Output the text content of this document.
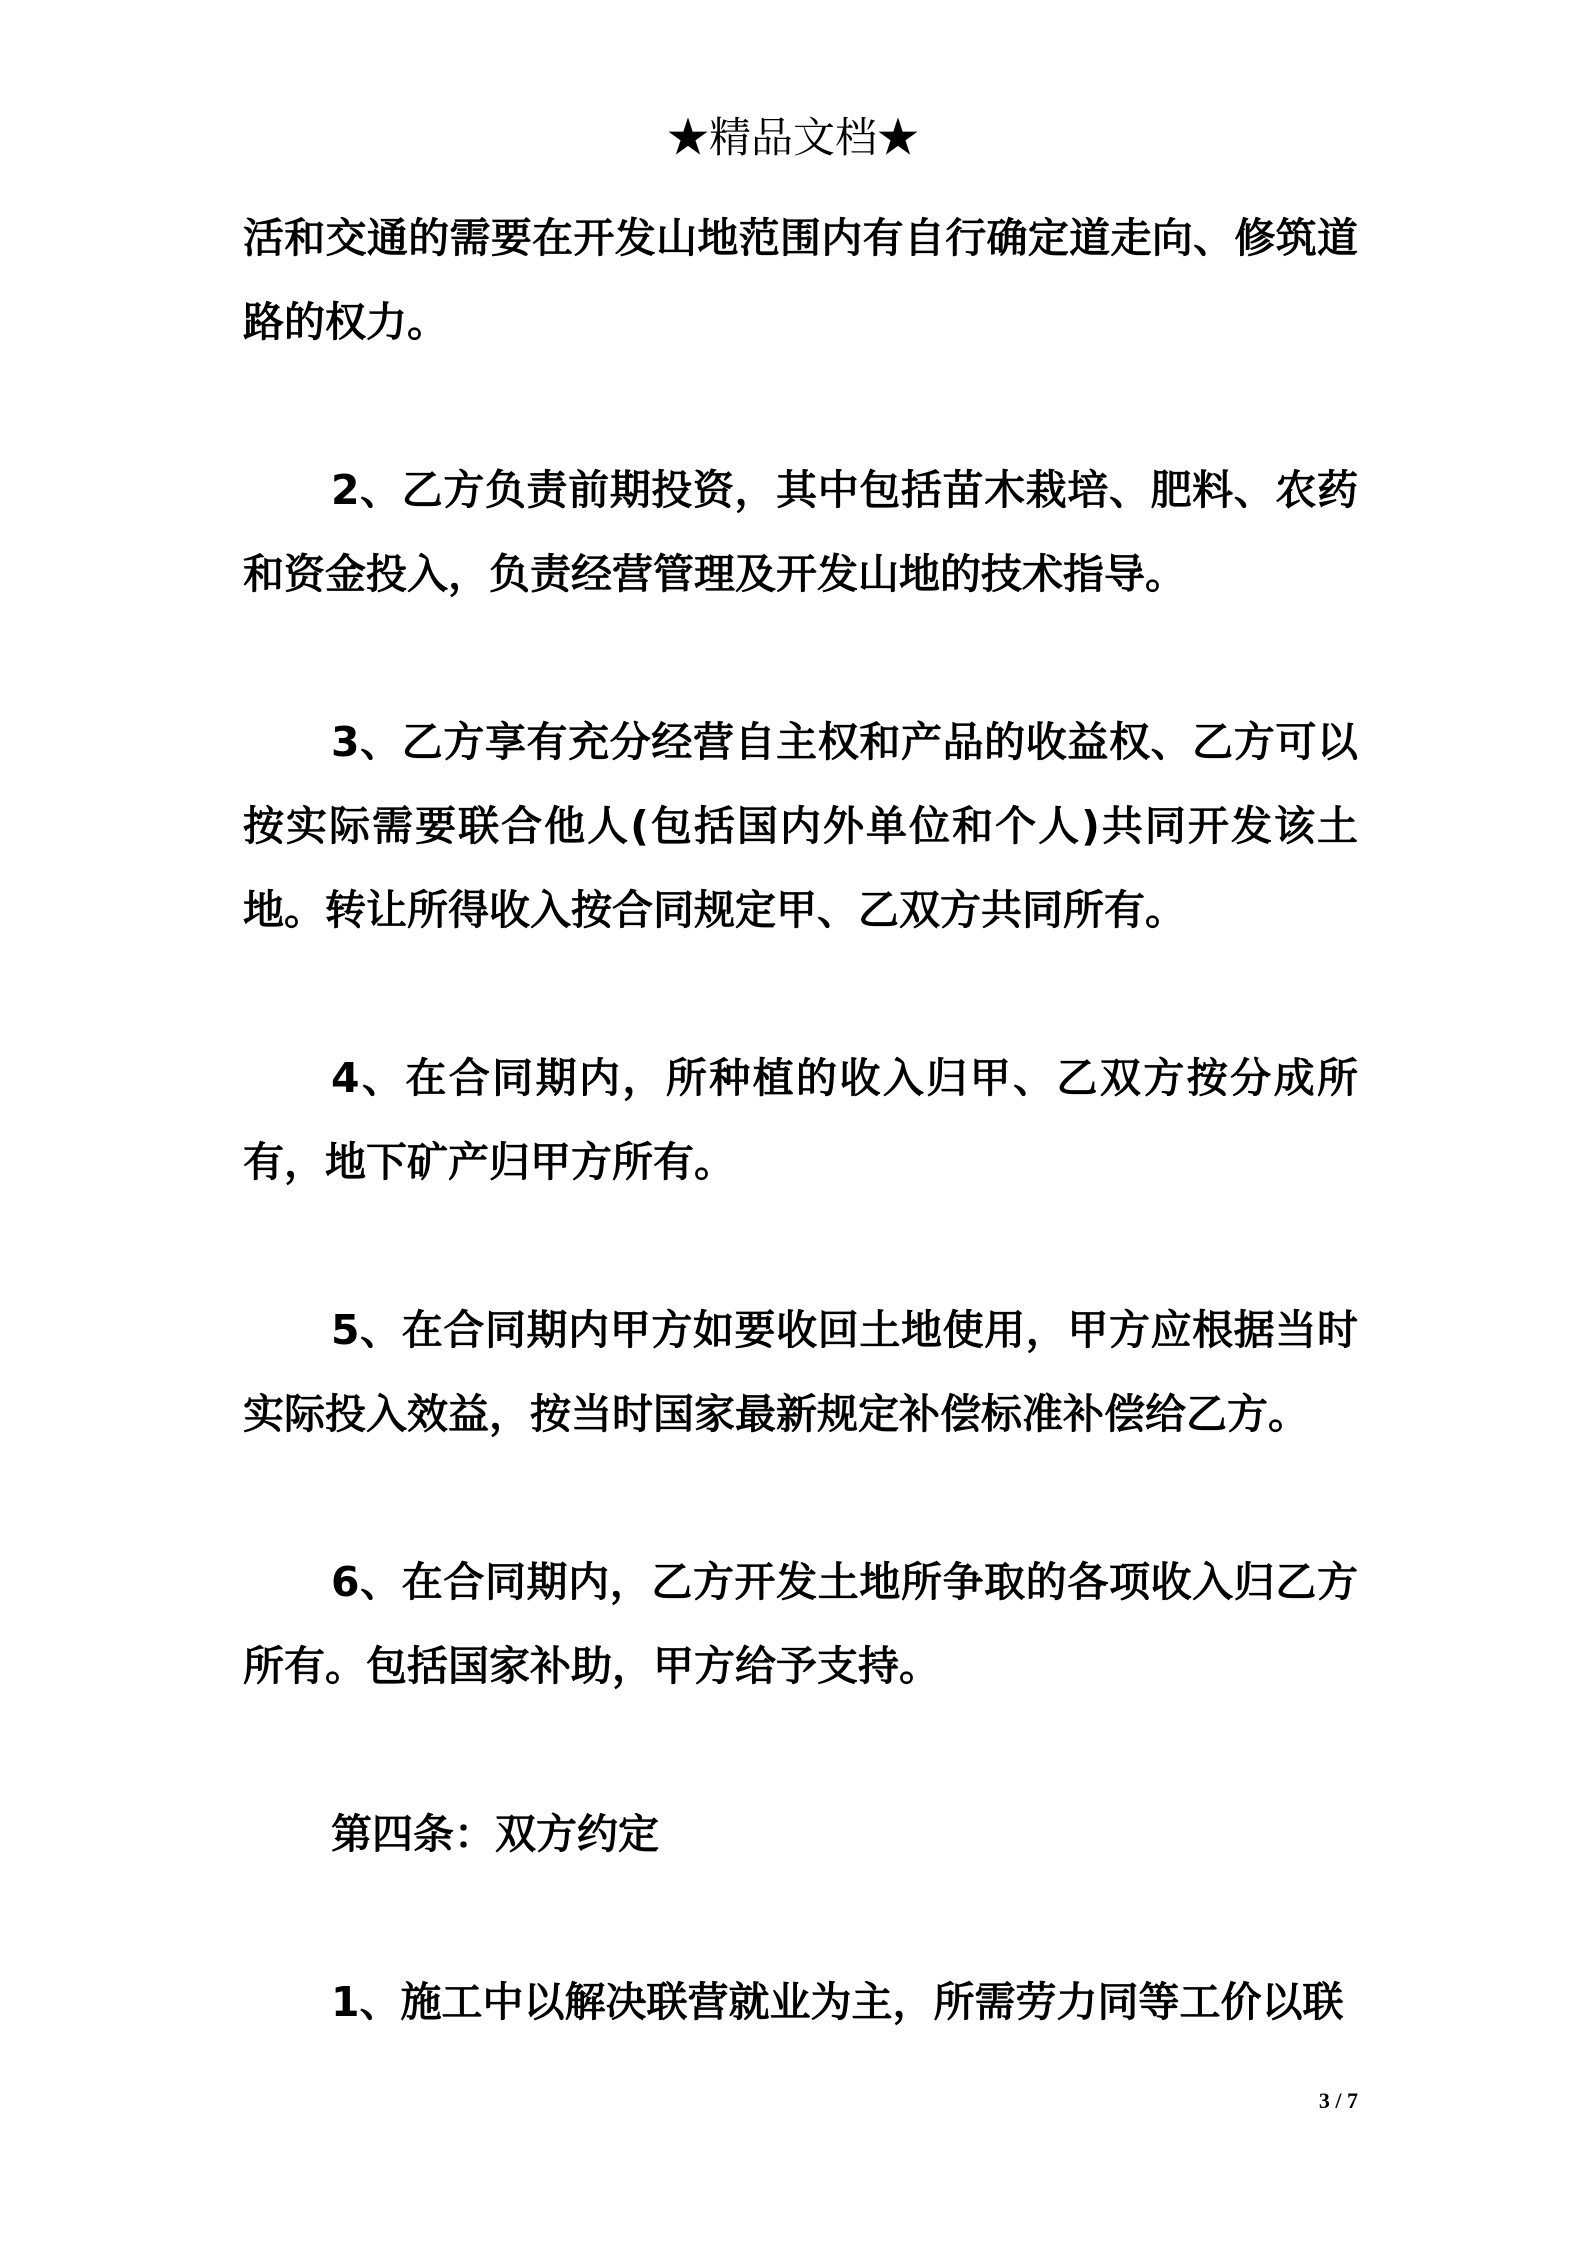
★精品文档★

活和交通的需要在开发山地范围内有自行确定道走向、修筑道路的权力。

2、乙方负责前期投资，其中包括苗木栽培、肥料、农药和资金投入，负责经营管理及开发山地的技术指导。

3、乙方享有充分经营自主权和产品的收益权、乙方可以按实际需要联合他人(包括国内外单位和个人)共同开发该土地。转让所得收入按合同规定甲、乙双方共同所有。

4、在合同期内，所种植的收入归甲、乙双方按分成所有，地下矿产归甲方所有。

5、在合同期内甲方如要收回土地使用，甲方应根据当时实际投入效益，按当时国家最新规定补偿标准补偿给乙方。

6、在合同期内，乙方开发土地所争取的各项收入归乙方所有。包括国家补助，甲方给予支持。

第四条：双方约定

1、施工中以解决联营就业为主，所需劳力同等工价以联

3 / 7
